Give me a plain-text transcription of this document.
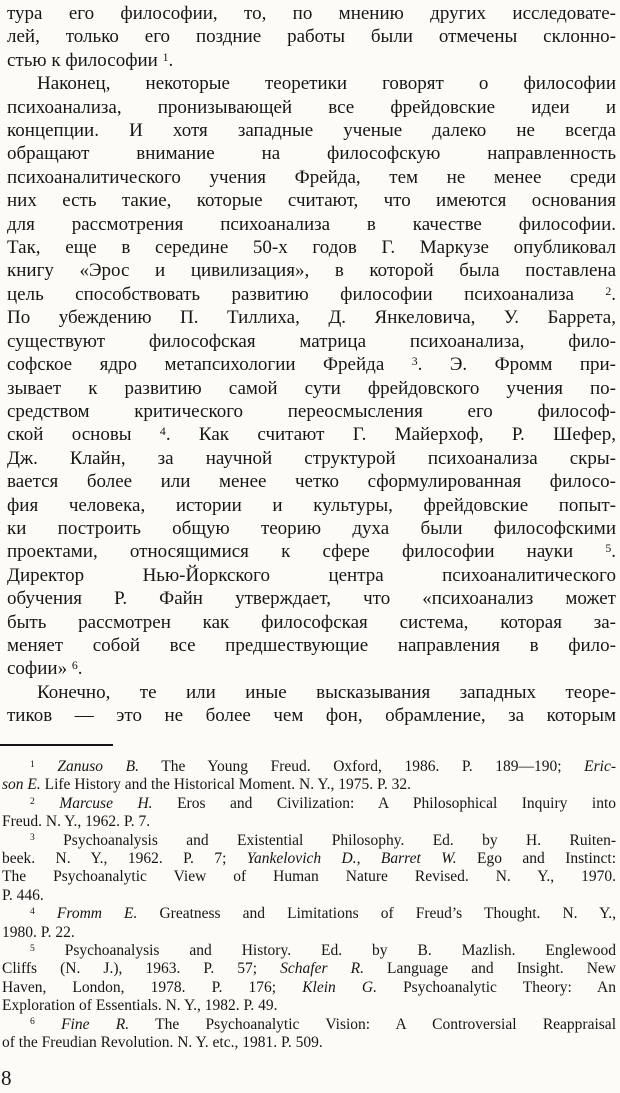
тура его философии, то, по мнению других исследовате-
лей, только его поздние работы были отмечены склонно-
стью к философии $^1$.
Наконец, некоторые теоретики говорят о философии
психоанализа, пронизывающей все фрейдовские идеи и
концепции. И хотя западные ученые далеко не всегда
обращают внимание на философскую направленность
психоаналитического учения Фрейда, тем не менее среди
них есть такие, которые считают, что имеются основания
для рассмотрения психоанализа в качестве философии.
Так, еще в середине 50-х годов Г. Маркузе опубликовал
книгу «Эрос и цивилизация», в которой была поставлена
цель способствовать развитию философии психоанализа $^2$.
По убеждению П. Тиллиха, Д. Янкеловича, У. Баррета,
существуют философская матрица психоанализа, фило-
софское ядро метапсихологии Фрейда $^3$. Э. Фромм при-
зывает к развитию самой сути фрейдовского учения по-
средством критического переосмысления его философ-
ской основы $^4$. Как считают Г. Майерхоф, Р. Шефер,
Дж. Клайн, за научной структурой психоанализа скры-
вается более или менее четко сформулированная филосо-
фия человека, истории и культуры, фрейдовские попыт-
ки построить общую теорию духа были философскими
проектами, относящимися к сфере философии науки $^5$.
Директор Нью-Йоркского центра психоаналитического
обучения Р. Файн утверждает, что «психоанализ может
быть рассмотрен как философская система, которая за-
меняет собой все предшествующие направления в фило-
софии» $^6$.
Конечно, те или иные высказывания западных теоре-
тиков — это не более чем фон, обрамление, за которым
$^1$ Zanuso B. The Young Freud. Oxford, 1986. P. 189—190; Eric-
son E. Life History and the Historical Moment. N. Y., 1975. P. 32.
$^2$ Marcuse H. Eros and Civilization: A Philosophical Inquiry into
Freud. N. Y., 1962. P. 7.
$^3$ Psychoanalysis and Existential Philosophy. Ed. by H. Ruiten-
beek. N. Y., 1962. P. 7; Yankelovich D., Barret W. Ego and Instinct:
The Psychoanalytic View of Human Nature Revised. N. Y., 1970.
P. 446.
$^4$ Fromm E. Greatness and Limitations of Freud’s Thought. N. Y.,
1980. P. 22.
$^5$ Psychoanalysis and History. Ed. by B. Mazlish. Englewood
Cliffs (N. J.), 1963. P. 57; Schafer R. Language and Insight. New
Haven, London, 1978. P. 176; Klein G. Psychoanalytic Theory: An
Exploration of Essentials. N. Y., 1982. P. 49.
$^6$ Fine R. The Psychoanalytic Vision: A Controversial Reappraisal
of the Freudian Revolution. N. Y. etc., 1981. P. 509.
8
